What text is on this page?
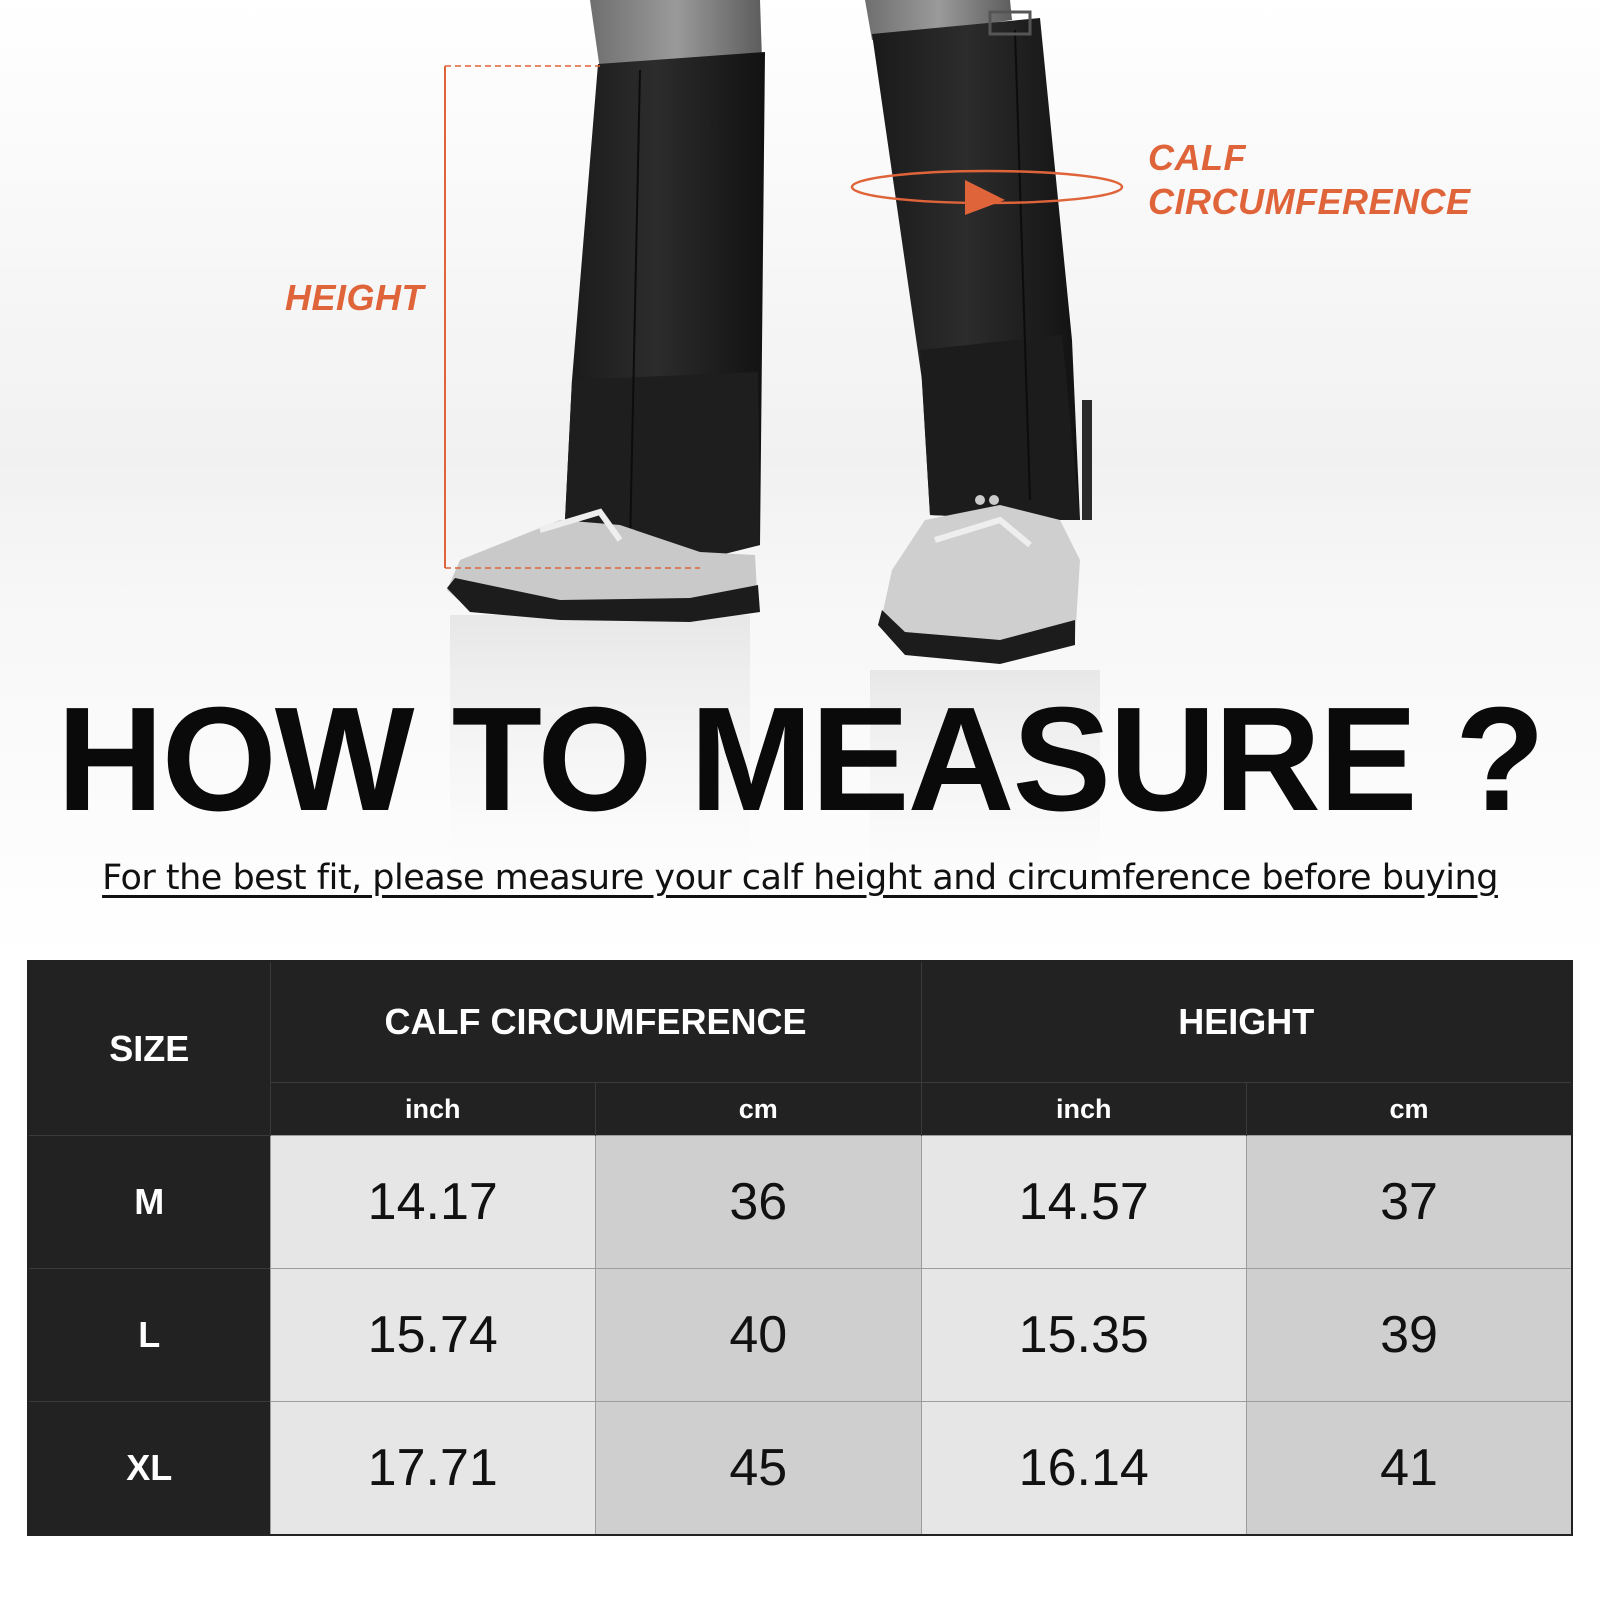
HEIGHT
CALF
CIRCUMFERENCE
HOW TO MEASURE ?
For the best fit, please measure your calf height and circumference before buying
SIZE	CALF CIRCUMFERENCE		HEIGHT	
	inch	cm	inch	cm
M	14.17	36	14.57	37
L	15.74	40	15.35	39
XL	17.71	45	16.14	41
